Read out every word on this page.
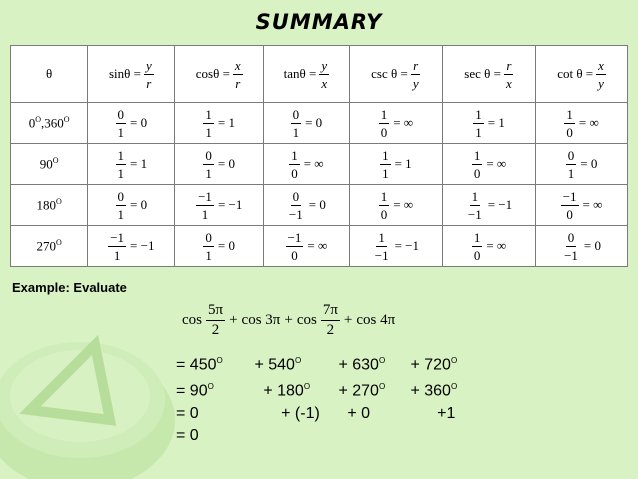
SUMMARY
θ	$\sin\theta = \frac{y}{r}$	$\cos\theta = \frac{x}{r}$	$\tan\theta = \frac{y}{x}$	$\csc \theta = \frac{r}{y}$	$\sec \theta = \frac{r}{x}$	$\cot \theta = \frac{x}{y}$

$0^O,360^O$	$\frac{0}{1} = 0$	$\frac{1}{1} = 1$	$\frac{0}{1} = 0$	$\frac{1}{0}$ = ∞	$\frac{1}{1} = 1$	$\frac{1}{0}$ = ∞
$90^O$	$\frac{1}{1} = 1$	$\frac{0}{1} = 0$	$\frac{1}{0}$ = ∞	$\frac{1}{1} = 1$	$\frac{1}{0}$ = ∞	$\frac{0}{1} = 0$
$180^O$	$\frac{0}{1} = 0$	$\frac{-1}{1} = -1$	$\frac{0}{-1} = 0$	$\frac{1}{0}$ = ∞	$\frac{1}{-1} = -1$	$\frac{-1}{0}$ = ∞
$270^O$	$\frac{-1}{1} = -1$	$\frac{0}{1} = 0$	$\frac{-1}{0}$ = ∞	$\frac{1}{-1} = -1$	$\frac{1}{0}$ = ∞	$\frac{0}{-1} = 0$
Example: Evaluate
$\cos \frac{5\pi}{2} + \cos 3\pi + \cos \frac{7\pi}{2} + \cos 4\pi$
= $450^O$	+ $540^O$	+ $630^O$	+ $720^O$
= $90^O$	+ $180^O$	+ $270^O$	+ $360^O$
= 0	+ (-1) + 0	+1
= 0
